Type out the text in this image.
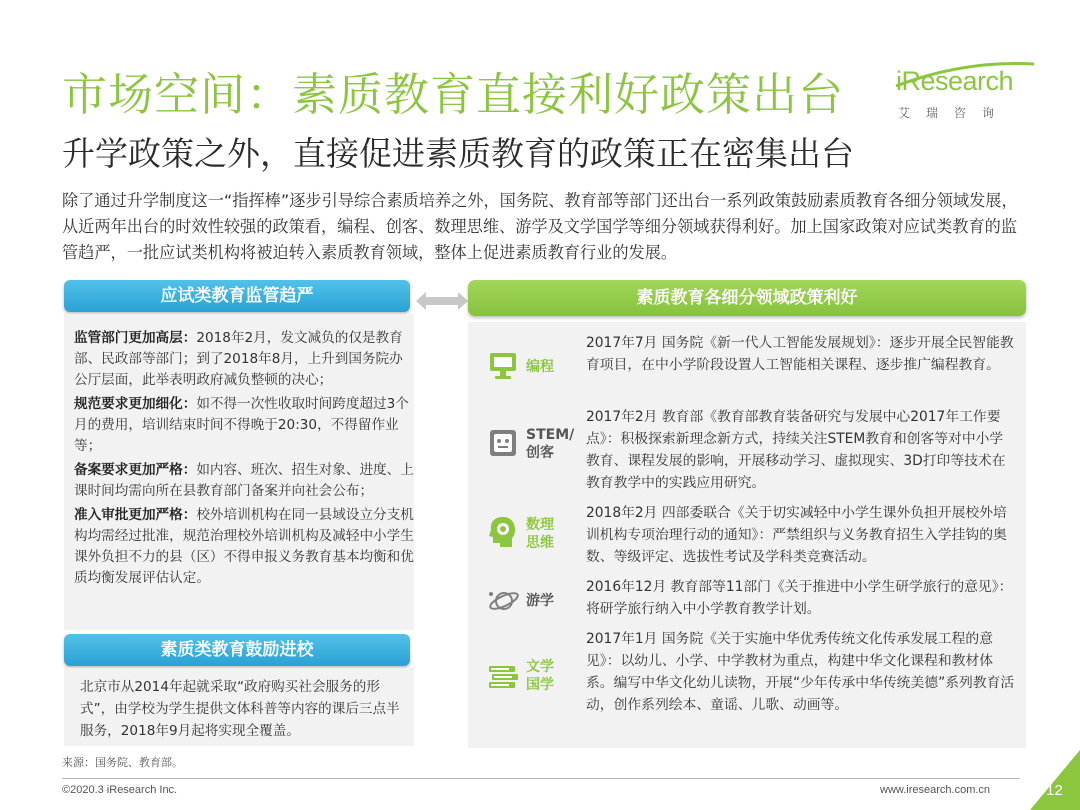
市场空间：素质教育直接利好政策出台 iResearch
艾瑞咨询
升学政策之外，直接促进素质教育的政策正在密集出台
除了通过升学制度这一“指挥棒”逐步引导综合素质培养之外，国务院、教育部等部门还出台一系列政策鼓励素质教育各细分领域发展，从近两年出台的时效性较强的政策看，编程、创客、数理思维、游学及文学国学等细分领域获得利好。加上国家政策对应试类教育的监管趋严，一批应试类机构将被迫转入素质教育领域，整体上促进素质教育行业的发展。
应试类教育监管趋严

监管部门更加高层：2018年2月，发文减负的仅是教育部、民政部等部门；到了2018年8月，上升到国务院办公厅层面，此举表明政府减负整顿的决心；

规范要求更加细化：如不得一次性收取时间跨度超过3个月的费用，培训结束时间不得晚于20:30，不得留作业等；

备案要求更加严格：如内容、班次、招生对象、进度、上课时间均需向所在县教育部门备案并向社会公布；

准入审批更加严格：校外培训机构在同一县域设立分支机构均需经过批准，规范治理校外培训机构及减轻中小学生课外负担不力的县（区）不得申报义务教育基本均衡和优质均衡发展评估认定。

素质类教育鼓励进校
北京市从2014年起就采取“政府购买社会服务的形式”，由学校为学生提供文体科普等内容的课后三点半服务，2018年9月起将实现全覆盖。
素质教育各细分领域政策利好
编程
2017年7月 国务院《新一代人工智能发展规划》：逐步开展全民智能教育项目，在中小学阶段设置人工智能相关课程、逐步推广编程教育。
STEM/创客
2017年2月 教育部《教育部教育装备研究与发展中心2017年工作要点》：积极探索新理念新方式，持续关注STEM教育和创客等对中小学教育、课程发展的影响，开展移动学习、虚拟现实、3D打印等技术在教育教学中的实践应用研究。
数理思维
2018年2月 四部委联合《关于切实减轻中小学生课外负担开展校外培训机构专项治理行动的通知》：严禁组织与义务教育招生入学挂钩的奥数、等级评定、选拔性考试及学科类竞赛活动。
游学
2016年12月 教育部等11部门《关于推进中小学生研学旅行的意见》：将研学旅行纳入中小学教育教学计划。
文学国学
2017年1月 国务院《关于实施中华优秀传统文化传承发展工程的意见》：以幼儿、小学、中学教材为重点，构建中华文化课程和教材体系。编写中华文化幼儿读物，开展“少年传承中华传统美德”系列教育活动，创作系列绘本、童谣、儿歌、动画等。
来源：国务院、教育部。
©2020.3 iResearch Inc.	www.iresearch.com.cn	12
